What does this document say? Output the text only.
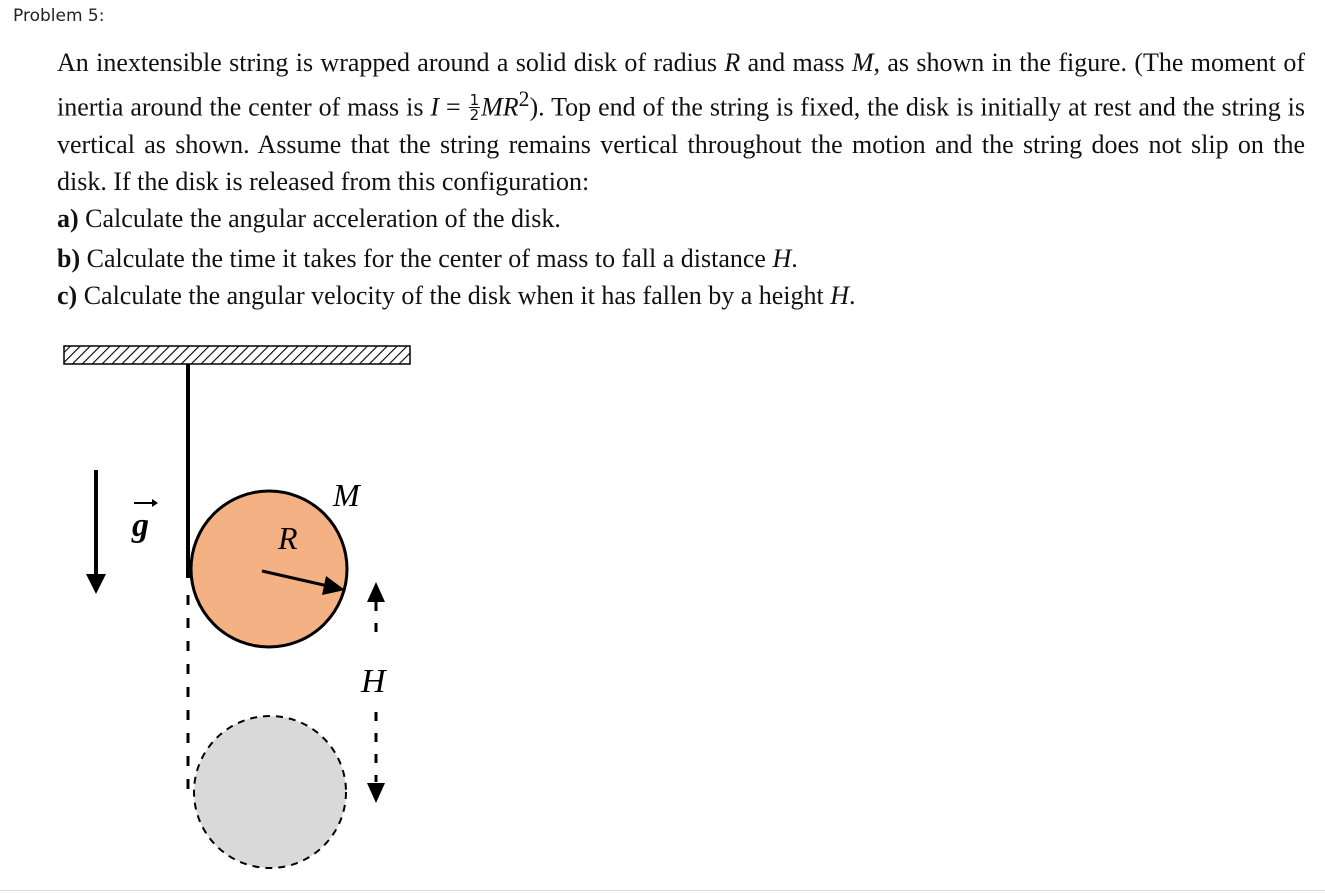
Problem 5:

An inextensible string is wrapped around a solid disk of radius R and mass M, as shown in the figure. (The moment of inertia around the center of mass is $I = \frac{1}{2} MR^2$). Top end of the string is fixed, the disk is initially at rest and the string is vertical as shown. Assume that the string remains vertical throughout the motion and the string does not slip on the disk. If the disk is released from this configuration:

a) Calculate the angular acceleration of the disk.

b) Calculate the time it takes for the center of mass to fall a distance H.

c) Calculate the angular velocity of the disk when it has fallen by a height H.

R
M
g
H
